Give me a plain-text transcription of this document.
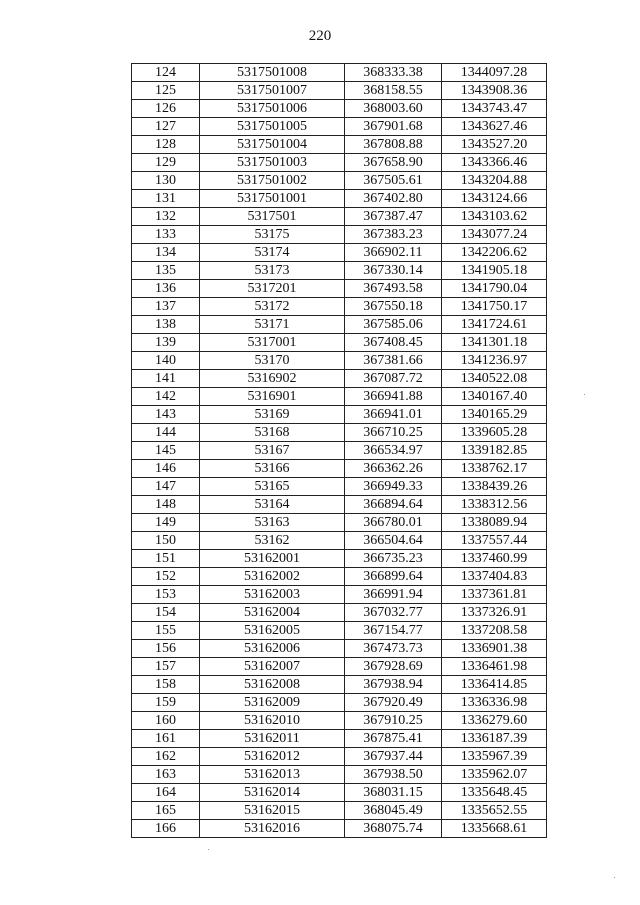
220
124	5317501008	368333.38	1344097.28
125	5317501007	368158.55	1343908.36
126	5317501006	368003.60	1343743.47
127	5317501005	367901.68	1343627.46
128	5317501004	367808.88	1343527.20
129	5317501003	367658.90	1343366.46
130	5317501002	367505.61	1343204.88
131	5317501001	367402.80	1343124.66
132	5317501	367387.47	1343103.62
133	53175	367383.23	1343077.24
134	53174	366902.11	1342206.62
135	53173	367330.14	1341905.18
136	5317201	367493.58	1341790.04
137	53172	367550.18	1341750.17
138	53171	367585.06	1341724.61
139	5317001	367408.45	1341301.18
140	53170	367381.66	1341236.97
141	5316902	367087.72	1340522.08
142	5316901	366941.88	1340167.40
143	53169	366941.01	1340165.29
144	53168	366710.25	1339605.28
145	53167	366534.97	1339182.85
146	53166	366362.26	1338762.17
147	53165	366949.33	1338439.26
148	53164	366894.64	1338312.56
149	53163	366780.01	1338089.94
150	53162	366504.64	1337557.44
151	53162001	366735.23	1337460.99
152	53162002	366899.64	1337404.83
153	53162003	366991.94	1337361.81
154	53162004	367032.77	1337326.91
155	53162005	367154.77	1337208.58
156	53162006	367473.73	1336901.38
157	53162007	367928.69	1336461.98
158	53162008	367938.94	1336414.85
159	53162009	367920.49	1336336.98
160	53162010	367910.25	1336279.60
161	53162011	367875.41	1336187.39
162	53162012	367937.44	1335967.39
163	53162013	367938.50	1335962.07
164	53162014	368031.15	1335648.45
165	53162015	368045.49	1335652.55
166	53162016	368075.74	1335668.61
